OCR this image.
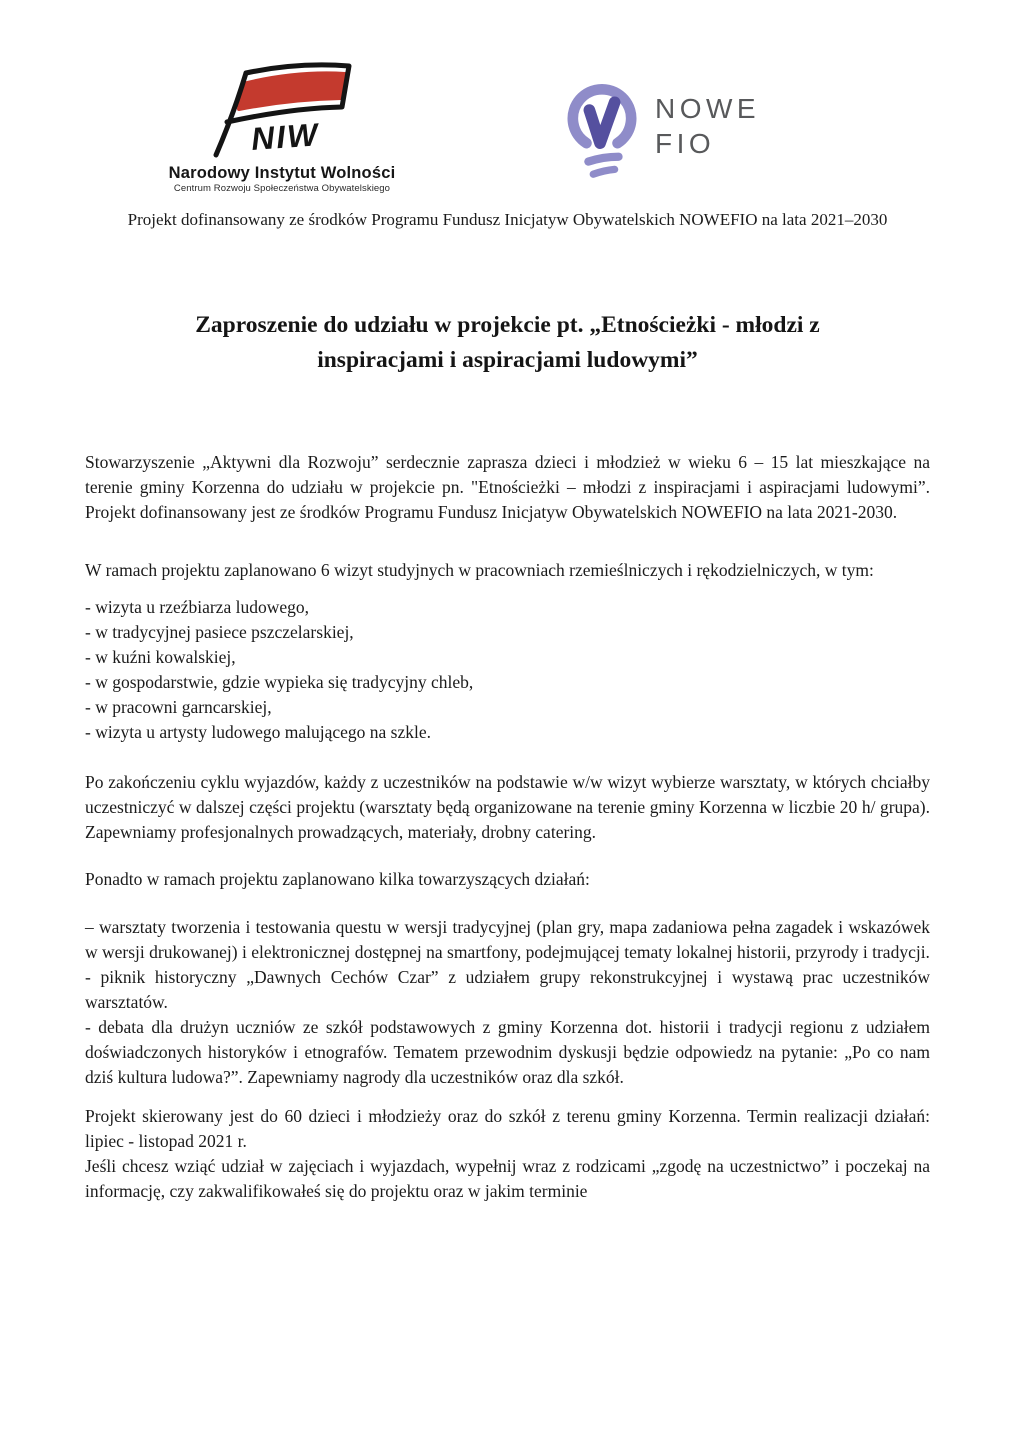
NIW
Narodowy Instytut Wolności
Centrum Rozwoju Społeczeństwa Obywatelskiego
NOWE
FIO
Projekt dofinansowany ze środków Programu Fundusz Inicjatyw Obywatelskich NOWEFIO na lata 2021–2030
Zaproszenie do udziału w projekcie pt. „Etnościeżki - młodzi z
inspiracjami i aspiracjami ludowymi”

Stowarzyszenie „Aktywni dla Rozwoju” serdecznie zaprasza dzieci i młodzież w wieku 6 – 15 lat mieszkające na terenie gminy Korzenna do udziału w projekcie pn. "Etnościeżki – młodzi z inspiracjami i aspiracjami ludowymi”. Projekt dofinansowany jest ze środków Programu Fundusz Inicjatyw Obywatelskich NOWEFIO na lata 2021-2030.

W ramach projektu zaplanowano 6 wizyt studyjnych w pracowniach rzemieślniczych i rękodzielniczych, w tym:

- wizyta u rzeźbiarza ludowego,
- w tradycyjnej pasiece pszczelarskiej,
- w kuźni kowalskiej,
- w gospodarstwie, gdzie wypieka się tradycyjny chleb,
- w pracowni garncarskiej,
- wizyta u artysty ludowego malującego na szkle.

Po zakończeniu cyklu wyjazdów, każdy z uczestników na podstawie w/w wizyt wybierze warsztaty, w których chciałby uczestniczyć w dalszej części projektu (warsztaty będą organizowane na terenie gminy Korzenna w liczbie 20 h/ grupa). Zapewniamy profesjonalnych prowadzących, materiały, drobny catering.

Ponadto w ramach projektu zaplanowano kilka towarzyszących działań:

– warsztaty tworzenia i testowania questu w wersji tradycyjnej (plan gry, mapa zadaniowa pełna zagadek i wskazówek w wersji drukowanej) i elektronicznej dostępnej na smartfony, podejmującej tematy lokalnej historii, przyrody i tradycji.
- piknik historyczny „Dawnych Cechów Czar” z udziałem grupy rekonstrukcyjnej i wystawą prac uczestników warsztatów.
- debata dla drużyn uczniów ze szkół podstawowych z gminy Korzenna dot. historii i tradycji regionu z udziałem doświadczonych historyków i etnografów. Tematem przewodnim dyskusji będzie odpowiedz na pytanie: „Po co nam dziś kultura ludowa?”. Zapewniamy nagrody dla uczestników oraz dla szkół.
Projekt skierowany jest do 60 dzieci i młodzieży oraz do szkół z terenu gminy Korzenna. Termin realizacji działań: lipiec - listopad 2021 r.
Jeśli chcesz wziąć udział w zajęciach i wyjazdach, wypełnij wraz z rodzicami „zgodę na uczestnictwo” i poczekaj na informację, czy zakwalifikowałeś się do projektu oraz w jakim terminie
